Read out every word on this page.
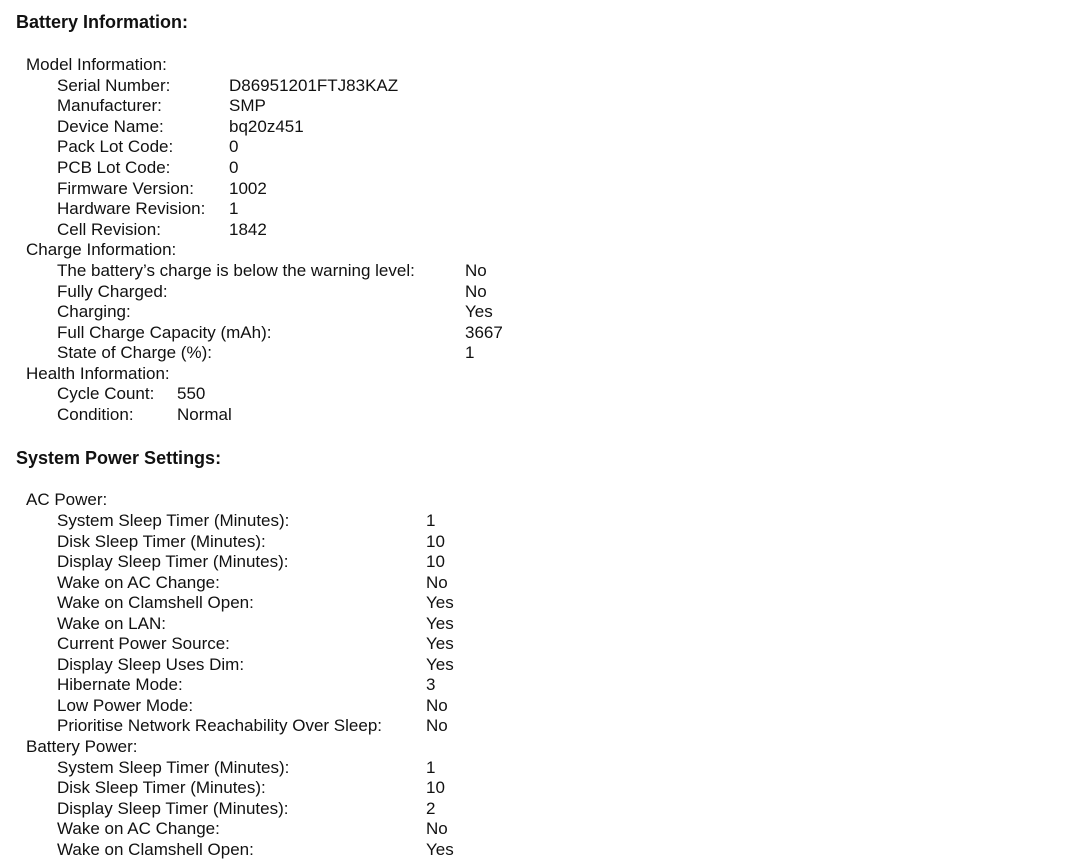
Battery Information:
Model Information:
Serial Number:	D86951201FTJ83KAZ
Manufacturer:	SMP
Device Name:	bq20z451
Pack Lot Code:	0
PCB Lot Code:	0
Firmware Version: 1002
Hardware Revision: 1
Cell Revision:	1842
Charge Information:
The battery’s charge is below the warning level:	No
Fully Charged:	No
Charging:	Yes
Full Charge Capacity (mAh):	3667
State of Charge (%):	1
Health Information:
Cycle Count: 550
Condition:	Normal
System Power Settings:
AC Power:
System Sleep Timer (Minutes):	1
Disk Sleep Timer (Minutes):	10
Display Sleep Timer (Minutes):	10
Wake on AC Change:	No
Wake on Clamshell Open:	Yes
Wake on LAN:	Yes
Current Power Source:	Yes
Display Sleep Uses Dim:	Yes
Hibernate Mode:	3
Low Power Mode:	No
Prioritise Network Reachability Over Sleep:	No
Battery Power:
System Sleep Timer (Minutes):	1
Disk Sleep Timer (Minutes):	10
Display Sleep Timer (Minutes):	2
Wake on AC Change:	No
Wake on Clamshell Open:	Yes
